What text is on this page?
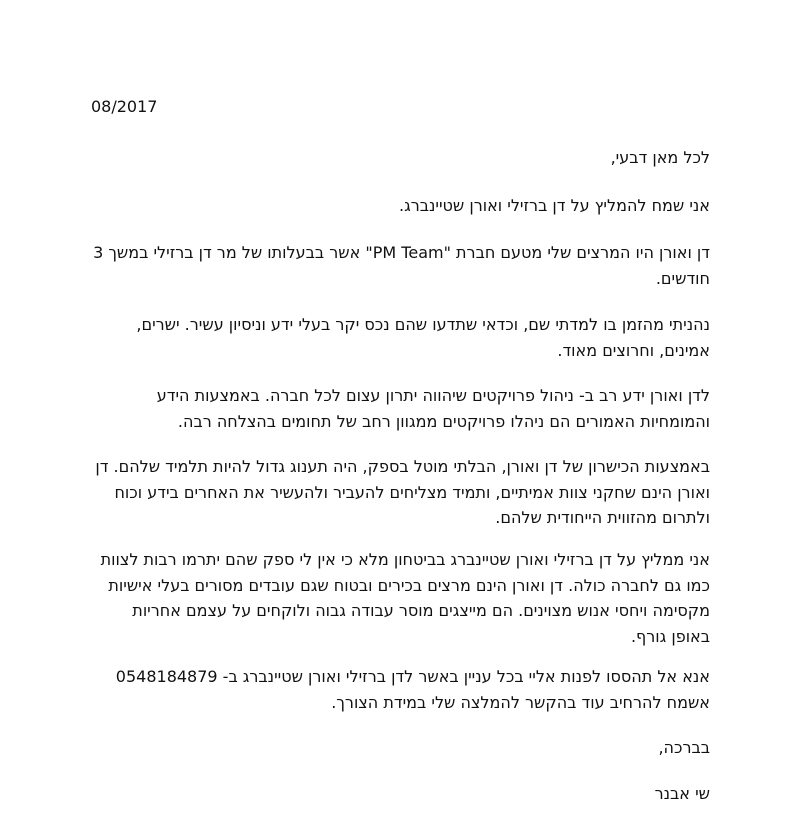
08/2017

לכל מאן דבעי,

אני שמח להמליץ על דן ברזילי ואורן שטיינברג.

דן ואורן היו המרצים שלי מטעם חברת "PM Team" אשר בבעלותו של מר דן ברזילי במשך 3 חודשים.

נהניתי מהזמן בו למדתי שם, וכדאי שתדעו שהם נכס יקר בעלי ידע וניסיון עשיר. ישרים, אמינים, וחרוצים מאוד.

לדן ואורן ידע רב ב- ניהול פרויקטים שיהווה יתרון עצום לכל חברה. באמצעות הידע והמומחיות האמורים הם ניהלו פרויקטים ממגוון רחב של תחומים בהצלחה רבה.

באמצעות הכישרון של דן ואורן, הבלתי מוטל בספק, היה תענוג גדול להיות תלמיד שלהם. דן ואורן הינם שחקני צוות אמיתיים, ותמיד מצליחים להעביר ולהעשיר את האחרים בידע וכוח ולתרום מהזווית הייחודית שלהם.

אני ממליץ על דן ברזילי ואורן שטיינברג בביטחון מלא כי אין לי ספק שהם יתרמו רבות לצוות כמו גם לחברה כולה. דן ואורן הינם מרצים בכירים ובטוח שגם עובדים מסורים בעלי אישיות מקסימה ויחסי אנוש מצוינים. הם מייצגים מוסר עבודה גבוה ולוקחים על עצמם אחריות באופן גורף.

אנא אל תהססו לפנות אליי בכל עניין באשר לדן ברזילי ואורן שטיינברג ב- 0548184879 אשמח להרחיב עוד בהקשר להמלצה שלי במידת הצורך.

בברכה,

שי אבנר
